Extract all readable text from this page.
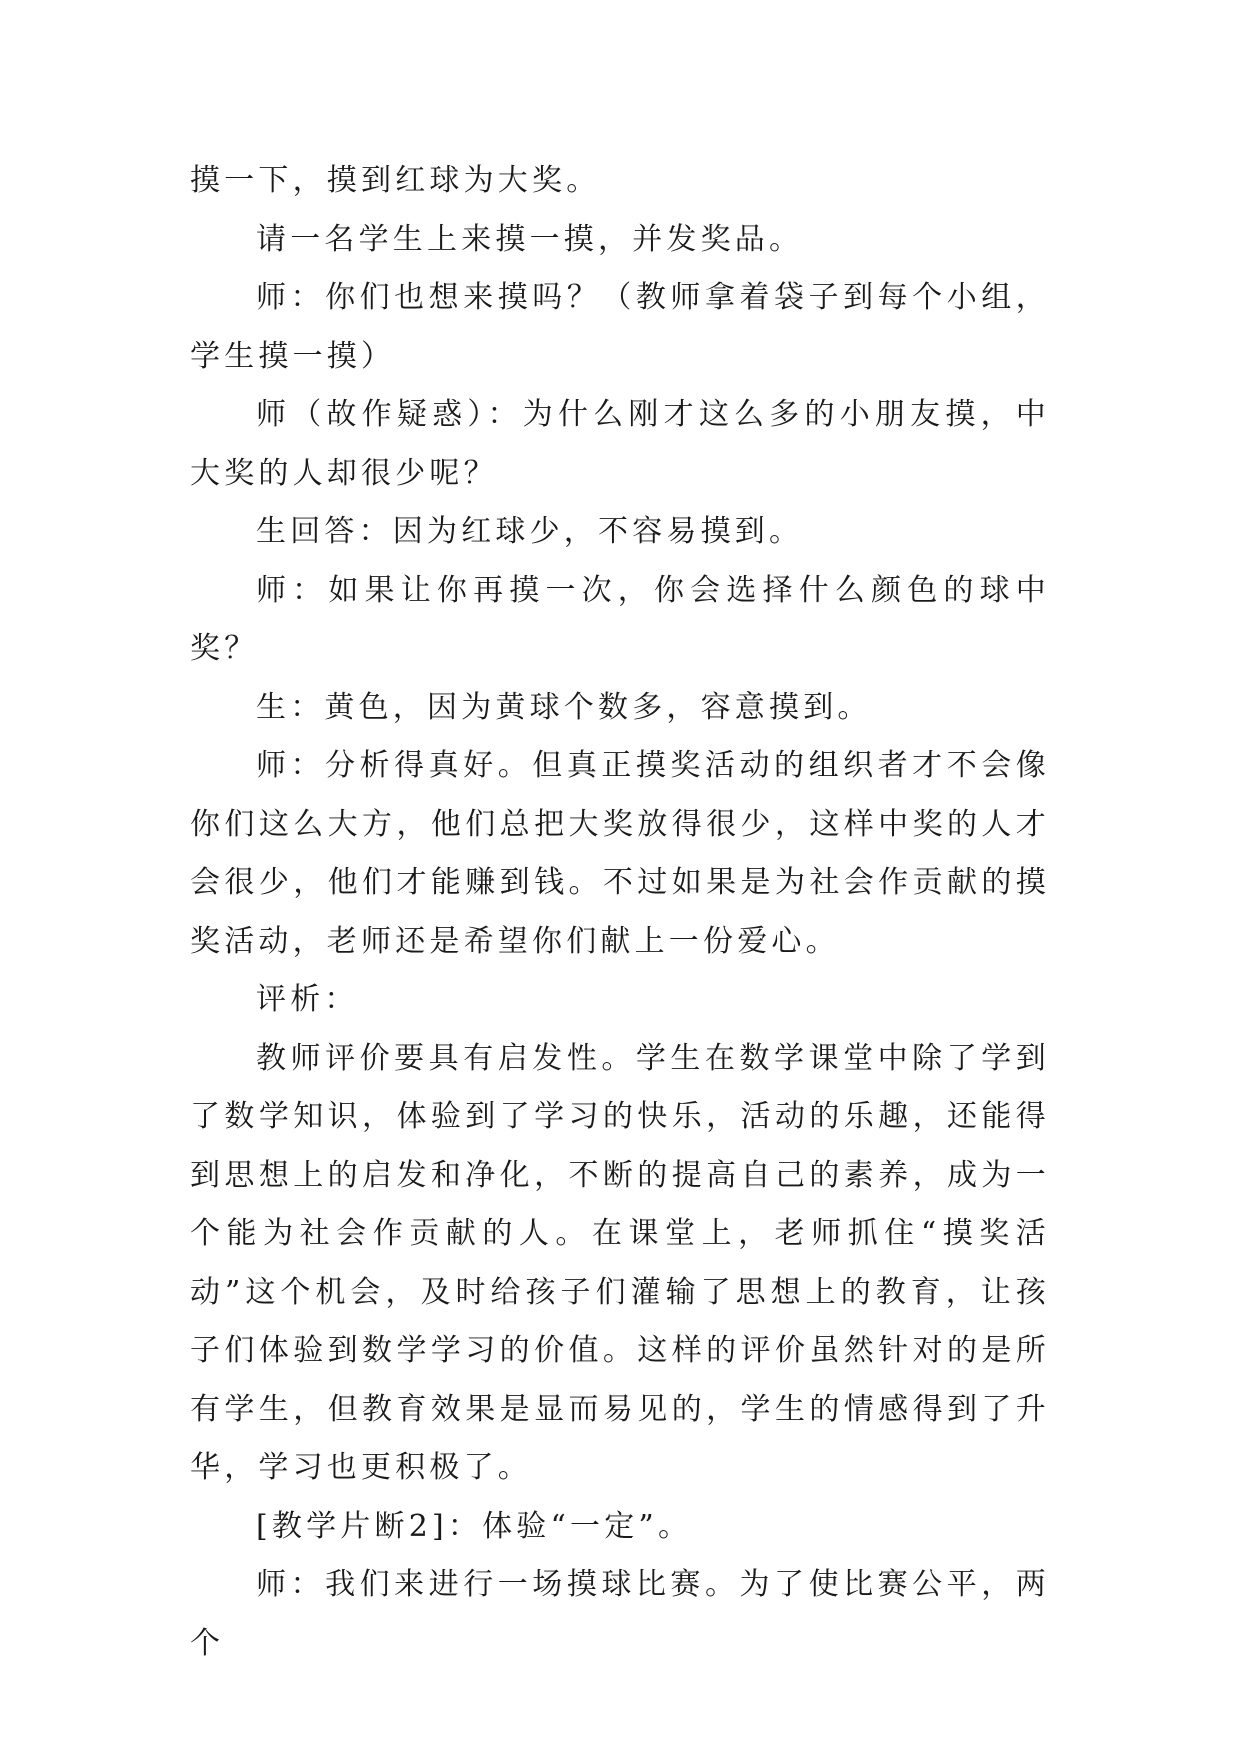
摸一下，摸到红球为大奖。

请一名学生上来摸一摸，并发奖品。

师：你们也想来摸吗？（教师拿着袋子到每个小组，学生摸一摸）

师（故作疑惑）：为什么刚才这么多的小朋友摸，中大奖的人却很少呢？

生回答：因为红球少，不容易摸到。

师：如果让你再摸一次，你会选择什么颜色的球中奖？

生：黄色，因为黄球个数多，容意摸到。

师：分析得真好。但真正摸奖活动的组织者才不会像你们这么大方，他们总把大奖放得很少，这样中奖的人才会很少，他们才能赚到钱。不过如果是为社会作贡献的摸奖活动，老师还是希望你们献上一份爱心。

评析：

教师评价要具有启发性。学生在数学课堂中除了学到了数学知识，体验到了学习的快乐，活动的乐趣，还能得到思想上的启发和净化，不断的提高自己的素养，成为一个能为社会作贡献的人。在课堂上，老师抓住“摸奖活动”这个机会，及时给孩子们灌输了思想上的教育，让孩子们体验到数学学习的价值。这样的评价虽然针对的是所有学生，但教育效果是显而易见的，学生的情感得到了升华，学习也更积极了。

[教学片断2]：体验“一定”。

师：我们来进行一场摸球比赛。为了使比赛公平，两个
